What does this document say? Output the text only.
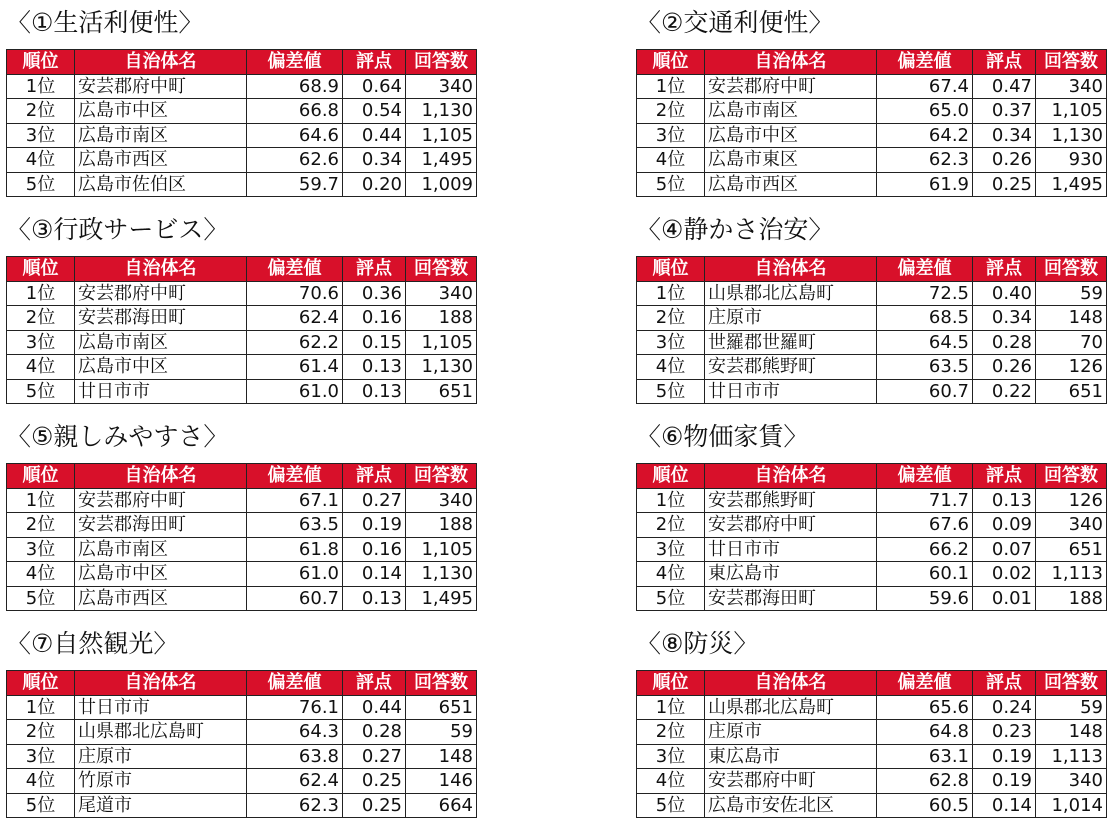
〈①生活利便性〉
順位	自治体名	偏差値	評点	回答数
1位	安芸郡府中町	68.9	0.64	340
2位	広島市中区	66.8	0.54	1,130
3位	広島市南区	64.6	0.44	1,105
4位	広島市西区	62.6	0.34	1,495
5位	広島市佐伯区	59.7	0.20	1,009
〈②交通利便性〉
順位	自治体名	偏差値	評点	回答数
1位	安芸郡府中町	67.4	0.47	340
2位	広島市南区	65.0	0.37	1,105
3位	広島市中区	64.2	0.34	1,130
4位	広島市東区	62.3	0.26	930
5位	広島市西区	61.9	0.25	1,495
〈③行政サービス〉
順位	自治体名	偏差値	評点	回答数
1位	安芸郡府中町	70.6	0.36	340
2位	安芸郡海田町	62.4	0.16	188
3位	広島市南区	62.2	0.15	1,105
4位	広島市中区	61.4	0.13	1,130
5位	廿日市市	61.0	0.13	651
〈④静かさ治安〉
順位	自治体名	偏差値	評点	回答数
1位	山県郡北広島町	72.5	0.40	59
2位	庄原市	68.5	0.34	148
3位	世羅郡世羅町	64.5	0.28	70
4位	安芸郡熊野町	63.5	0.26	126
5位	廿日市市	60.7	0.22	651
〈⑤親しみやすさ〉
順位	自治体名	偏差値	評点	回答数
1位	安芸郡府中町	67.1	0.27	340
2位	安芸郡海田町	63.5	0.19	188
3位	広島市南区	61.8	0.16	1,105
4位	広島市中区	61.0	0.14	1,130
5位	広島市西区	60.7	0.13	1,495
〈⑥物価家賃〉
順位	自治体名	偏差値	評点	回答数
1位	安芸郡熊野町	71.7	0.13	126
2位	安芸郡府中町	67.6	0.09	340
3位	廿日市市	66.2	0.07	651
4位	東広島市	60.1	0.02	1,113
5位	安芸郡海田町	59.6	0.01	188
〈⑦自然観光〉
順位	自治体名	偏差値	評点	回答数
1位	廿日市市	76.1	0.44	651
2位	山県郡北広島町	64.3	0.28	59
3位	庄原市	63.8	0.27	148
4位	竹原市	62.4	0.25	146
5位	尾道市	62.3	0.25	664
〈⑧防災〉
順位	自治体名	偏差値	評点	回答数
1位	山県郡北広島町	65.6	0.24	59
2位	庄原市	64.8	0.23	148
3位	東広島市	63.1	0.19	1,113
4位	安芸郡府中町	62.8	0.19	340
5位	広島市安佐北区	60.5	0.14	1,014
